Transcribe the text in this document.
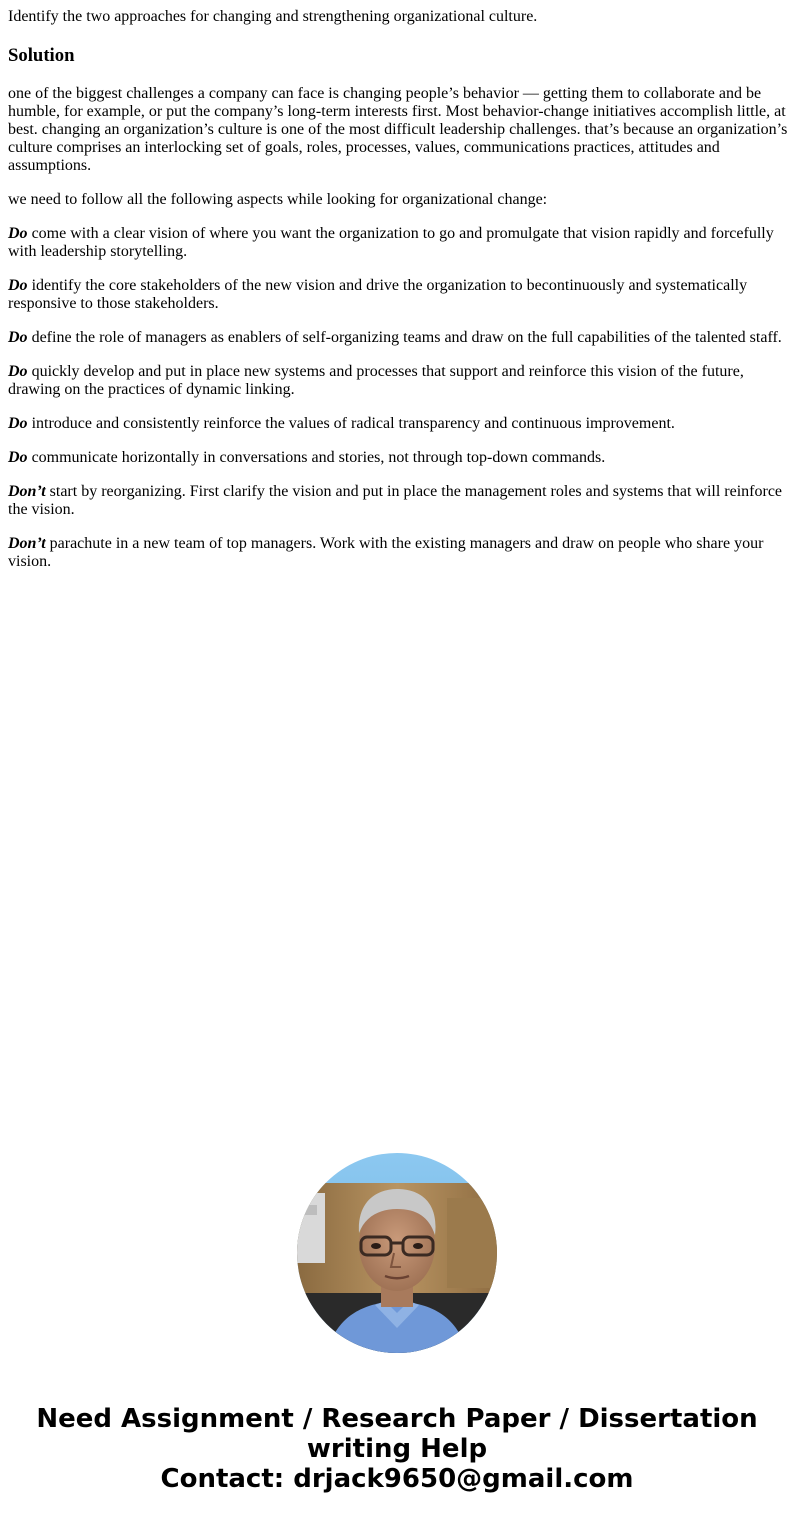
Identify the two approaches for changing and strengthening organizational culture.
Solution

one of the biggest challenges a company can face is changing people’s behavior — getting them to collaborate and be humble, for example, or put the company’s long-term interests first. Most behavior-change initiatives accomplish little, at best. changing an organization’s culture is one of the most difficult leadership challenges. that’s because an organization’s culture comprises an interlocking set of goals, roles, processes, values, communications practices, attitudes and assumptions.

we need to follow all the following aspects while looking for organizational change:

Do come with a clear vision of where you want the organization to go and promulgate that vision rapidly and forcefully with leadership storytelling.

Do identify the core stakeholders of the new vision and drive the organization to becontinuously and systematically responsive to those stakeholders.

Do define the role of managers as enablers of self-organizing teams and draw on the full capabilities of the talented staff.

Do quickly develop and put in place new systems and processes that support and reinforce this vision of the future, drawing on the practices of dynamic linking.

Do introduce and consistently reinforce the values of radical transparency and continuous improvement.

Do communicate horizontally in conversations and stories, not through top-down commands.

Don’t start by reorganizing. First clarify the vision and put in place the management roles and systems that will reinforce the vision.

Don’t parachute in a new team of top managers. Work with the existing managers and draw on people who share your vision.

Need Assignment / Research Paper / Dissertation
writing Help
Contact: drjack9650@gmail.com
